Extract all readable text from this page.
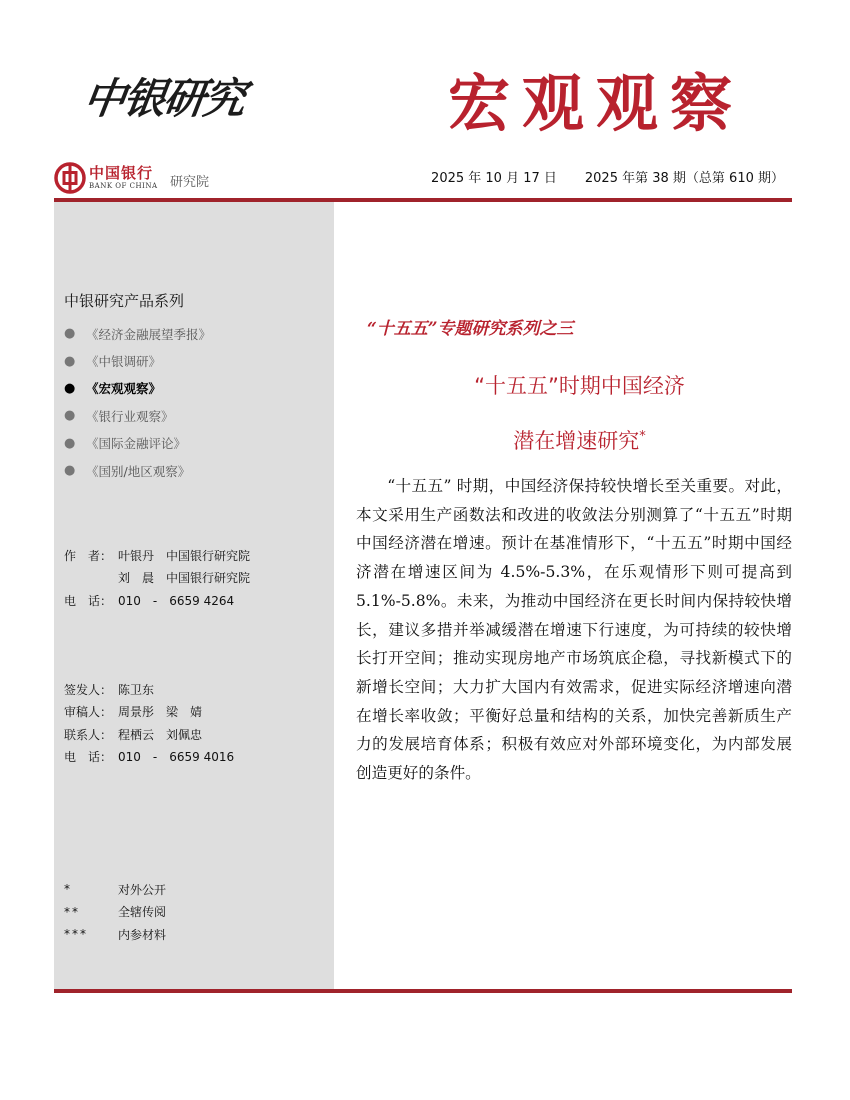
中银研究	宏观观察
中国银行
BANK OF CHINA 研究院	2025 年 10 月 17 日 2025 年第 38 期（总第 610 期）
中银研究产品系列
● 《经济金融展望季报》
● 《中银调研》
● 《宏观观察》
● 《银行业观察》
● 《国际金融评论》
● 《国别/地区观察》
作　者： 叶银丹　中国银行研究院
刘　晨　中国银行研究院
电　话： 010　-　6659 4264
签发人： 陈卫东
审稿人： 周景彤　梁　婧
联系人： 程栖云　刘佩忠
电　话： 010　-　6659 4016
*	对外公开
**	全辖传阅
***	内参材料
“十五五”专题研究系列之三
“十五五”时期中国经济
潜在增速研究*

“十五五” 时期，中国经济保持较快增长至关重要。对此，本文采用生产函数法和改进的收敛法分别测算了“十五五”时期中国经济潜在增速。预计在基准情形下，“十五五”时期中国经济潜在增速区间为 4.5%-5.3%，在乐观情形下则可提高到 5.1%-5.8%。未来，为推动中国经济在更长时间内保持较快增长，建议多措并举减缓潜在增速下行速度，为可持续的较快增长打开空间；推动实现房地产市场筑底企稳，寻找新模式下的新增长空间；大力扩大国内有效需求，促进实际经济增速向潜在增长率收敛；平衡好总量和结构的关系，加快完善新质生产力的发展培育体系；积极有效应对外部环境变化，为内部发展创造更好的条件。
